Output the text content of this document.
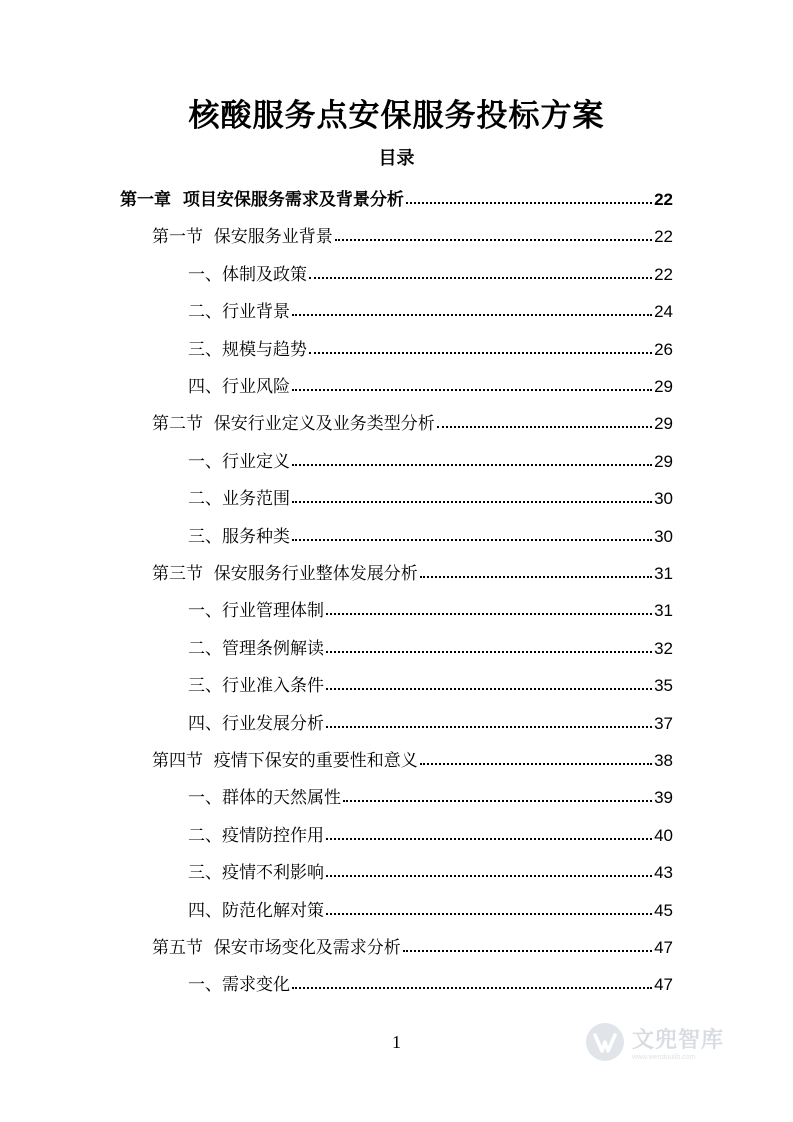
核酸服务点安保服务投标方案
目录
第一章  项目安保服务需求及背景分析	22
第一节  保安服务业背景	22
一、体制及政策	22
二、行业背景	24
三、规模与趋势	26
四、行业风险	29
第二节  保安行业定义及业务类型分析	29
一、行业定义	29
二、业务范围	30
三、服务种类	30
第三节  保安服务行业整体发展分析	31
一、行业管理体制	31
二、管理条例解读	32
三、行业准入条件	35
四、行业发展分析	37
第四节  疫情下保安的重要性和意义	38
一、群体的天然属性	39
二、疫情防控作用	40
三、疫情不利影响	43
四、防范化解对策	45
第五节  保安市场变化及需求分析	47
一、需求变化	47
1	文兜智库
www.wendoulib.com
